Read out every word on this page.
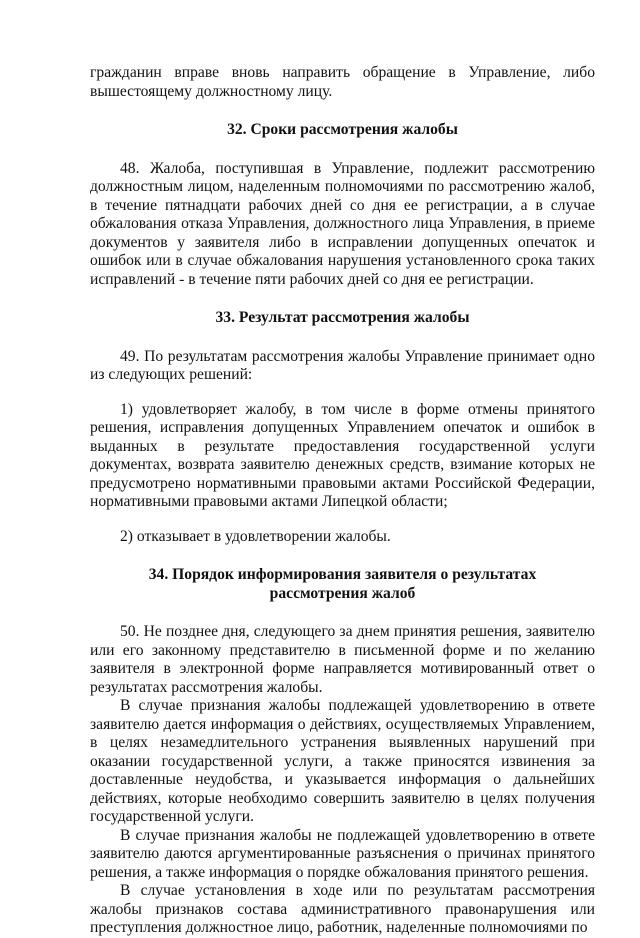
гражданин вправе вновь направить обращение в Управление, либо вышестоящему должностному лицу.

32. Сроки рассмотрения жалобы

48. Жалоба, поступившая в Управление, подлежит рассмотрению должностным лицом, наделенным полномочиями по рассмотрению жалоб, в течение пятнадцати рабочих дней со дня ее регистрации, а в случае обжалования отказа Управления, должностного лица Управления, в приеме документов у заявителя либо в исправлении допущенных опечаток и ошибок или в случае обжалования нарушения установленного срока таких исправлений - в течение пяти рабочих дней со дня ее регистрации.

33. Результат рассмотрения жалобы

49. По результатам рассмотрения жалобы Управление принимает одно из следующих решений:

1) удовлетворяет жалобу, в том числе в форме отмены принятого решения, исправления допущенных Управлением опечаток и ошибок в выданных в результате предоставления государственной услуги документах, возврата заявителю денежных средств, взимание которых не предусмотрено нормативными правовыми актами Российской Федерации, нормативными правовыми актами Липецкой области;

2) отказывает в удовлетворении жалобы.

34. Порядок информирования заявителя о результатах
рассмотрения жалоб

50. Не позднее дня, следующего за днем принятия решения, заявителю или его законному представителю в письменной форме и по желанию заявителя в электронной форме направляется мотивированный ответ о результатах рассмотрения жалобы.

В случае признания жалобы подлежащей удовлетворению в ответе заявителю дается информация о действиях, осуществляемых Управлением, в целях незамедлительного устранения выявленных нарушений при оказании государственной услуги, а также приносятся извинения за доставленные неудобства, и указывается информация о дальнейших действиях, которые необходимо совершить заявителю в целях получения государственной услуги.

В случае признания жалобы не подлежащей удовлетворению в ответе заявителю даются аргументированные разъяснения о причинах принятого решения, а также информация о порядке обжалования принятого решения.

В случае установления в ходе или по результатам рассмотрения жалобы признаков состава административного правонарушения или преступления должностное лицо, работник, наделенные полномочиями по
